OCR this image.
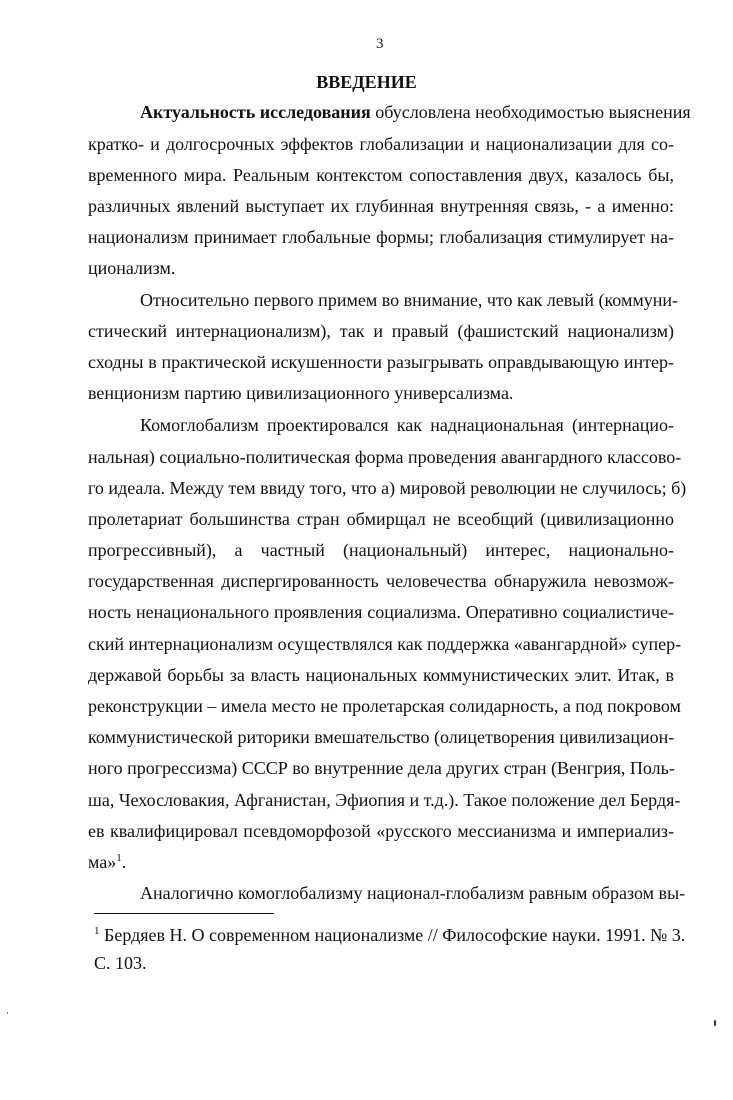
3
ВВЕДЕНИЕ
Актуальность исследования обусловлена необходимостью выяснения
кратко- и долгосрочных эффектов глобализации и национализации для со-
временного мира. Реальным контекстом сопоставления двух, казалось бы,
различных явлений выступает их глубинная внутренняя связь, - а именно:
национализм принимает глобальные формы; глобализация стимулирует на-
ционализм.
Относительно первого примем во внимание, что как левый (коммуни-
стический интернационализм), так и правый (фашистский национализм)
сходны в практической искушенности разыгрывать оправдывающую интер-
венционизм партию цивилизационного универсализма.
Комоглобализм проектировался как наднациональная (интернацио-
нальная) социально-политическая форма проведения авангардного классово-
го идеала. Между тем ввиду того, что а) мировой революции не случилось; б)
пролетариат большинства стран обмирщал не всеобщий (цивилизационно
прогрессивный), а частный (национальный) интерес, национально-
государственная диспергированность человечества обнаружила невозмож-
ность ненационального проявления социализма. Оперативно социалистиче-
ский интернационализм осуществлялся как поддержка «авангардной» супер-
державой борьбы за власть национальных коммунистических элит. Итак, в
реконструкции – имела место не пролетарская солидарность, а под покровом
коммунистической риторики вмешательство (олицетворения цивилизацион-
ного прогрессизма) СССР во внутренние дела других стран (Венгрия, Поль-
ша, Чехословакия, Афганистан, Эфиопия и т.д.). Такое положение дел Бердя-
ев квалифицировал псевдоморфозой «русского мессианизма и империализ-
ма»$^1$.
Аналогично комоглобализму национал-глобализм равным образом вы-
$^1$ Бердяев Н. О современном национализме // Философские науки. 1991. № 3.
С. 103.
